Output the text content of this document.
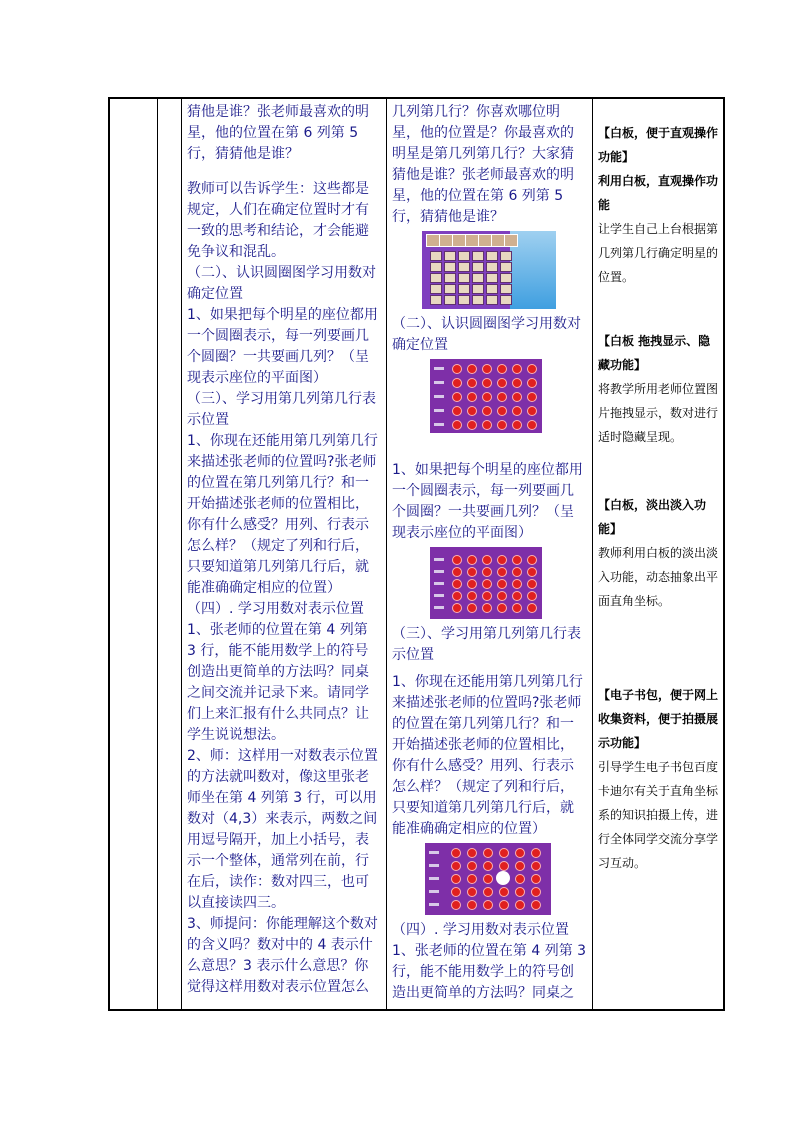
猜他是谁？张老师最喜欢的明星，他的位置在第 6 列第 5 行，猜猜他是谁？

教师可以告诉学生：这些都是规定，人们在确定位置时才有一致的思考和结论，才会能避免争议和混乱。

（二）、认识圆圈图学习用数对确定位置

1、如果把每个明星的座位都用一个圆圈表示，每一列要画几个圆圈？一共要画几列？（呈现表示座位的平面图）

（三）、学习用第几列第几行表示位置

1、你现在还能用第几列第几行来描述张老师的位置吗?张老师的位置在第几列第几行？和一开始描述张老师的位置相比，你有什么感受？用列、行表示怎么样？（规定了列和行后，只要知道第几列第几行后，就能准确确定相应的位置）

（四）. 学习用数对表示位置

1、张老师的位置在第 4 列第 3 行，能不能用数学上的符号创造出更简单的方法吗？同桌之间交流并记录下来。请同学们上来汇报有什么共同点？让学生说说想法。

2、师：这样用一对数表示位置的方法就叫数对，像这里张老师坐在第 4 列第 3 行，可以用数对（4,3）来表示，两数之间用逗号隔开，加上小括号，表示一个整体，通常列在前，行在后，读作：数对四三，也可以直接读四三。

3、师提问：你能理解这个数对的含义吗？数对中的 4 表示什么意思？3 表示什么意思？你觉得这样用数对表示位置怎么

几列第几行？你喜欢哪位明星，他的位置是？你最喜欢的明星是第几列第几行？大家猜猜他是谁？张老师最喜欢的明星，他的位置在第 6 列第 5 行，猜猜他是谁？

（二）、认识圆圈图学习用数对确定位置

1、如果把每个明星的座位都用一个圆圈表示，每一列要画几个圆圈？一共要画几列？（呈现表示座位的平面图）

（三）、学习用第几列第几行表示位置

1、你现在还能用第几列第几行来描述张老师的位置吗?张老师的位置在第几列第几行？和一开始描述张老师的位置相比，你有什么感受？用列、行表示怎么样？（规定了列和行后，只要知道第几列第几行后，就能准确确定相应的位置）

（四）. 学习用数对表示位置

1、张老师的位置在第 4 列第 3 行，能不能用数学上的符号创造出更简单的方法吗？同桌之

【白板，便于直观操作功能】

利用白板，直观操作功能

让学生自己上台根据第几列第几行确定明星的位置。

【白板 拖拽显示、隐藏功能】

将教学所用老师位置图片拖拽显示，数对进行适时隐藏呈现。

【白板，淡出淡入功能】

教师利用白板的淡出淡入功能，动态抽象出平面直角坐标。

【电子书包，便于网上收集资料，便于拍摄展示功能】

引导学生电子书包百度卡迪尔有关于直角坐标系的知识拍摄上传，进行全体同学交流分享学习互动。
